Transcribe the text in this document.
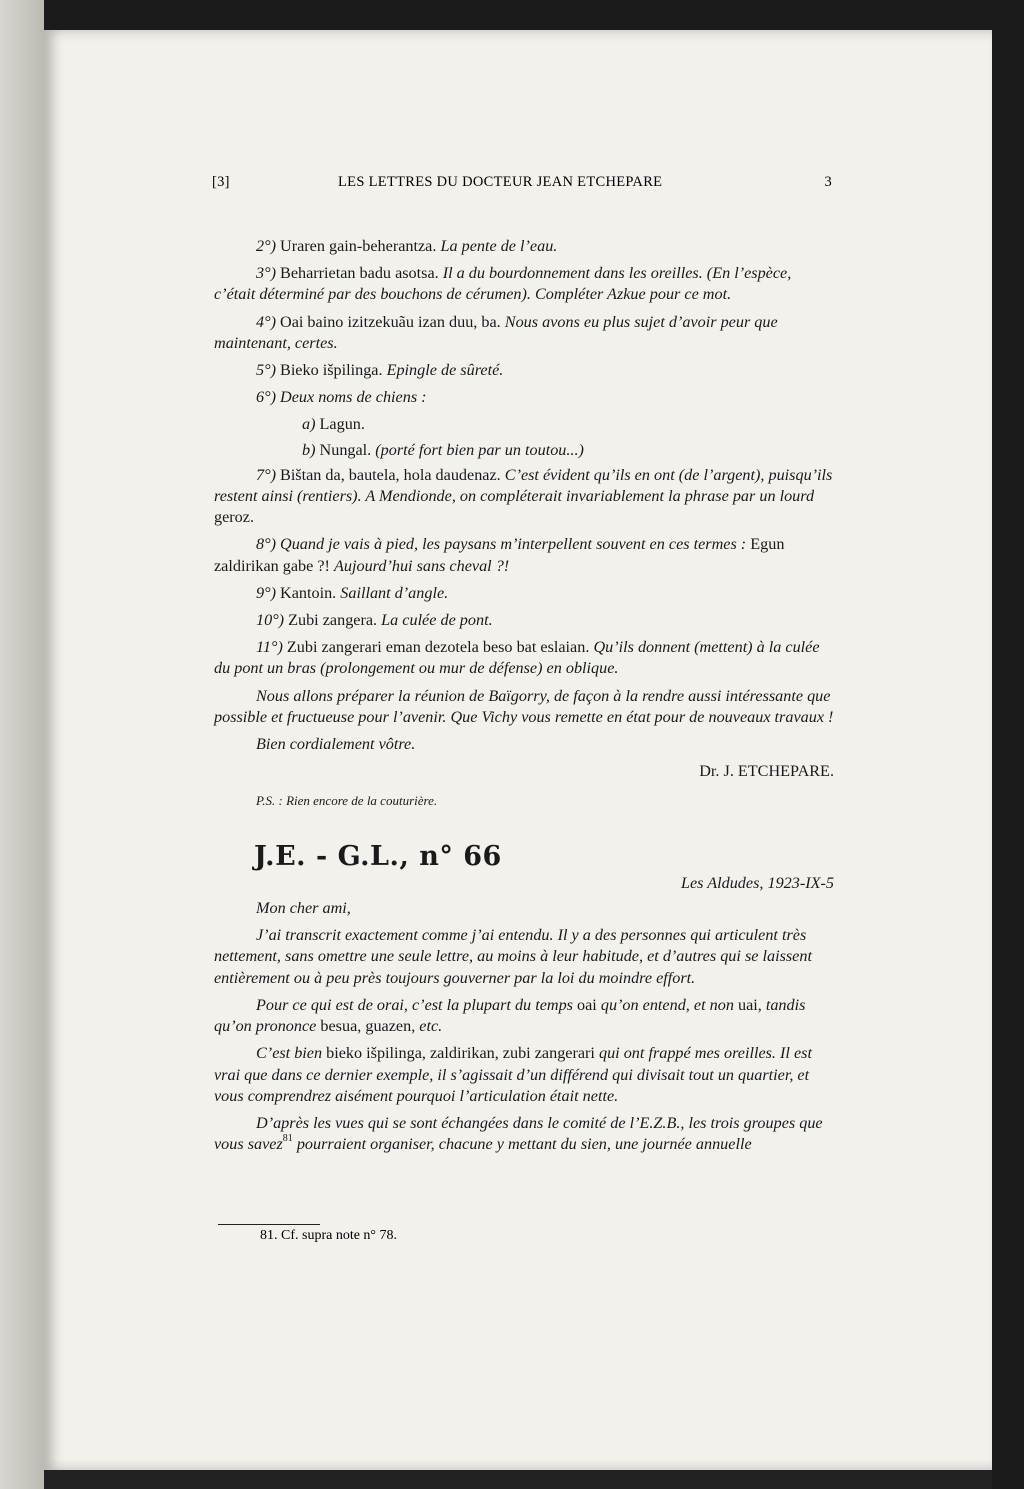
[3]	LES LETTRES DU DOCTEUR JEAN ETCHEPARE	3

2°) Uraren gain-beherantza. La pente de l’eau.

3°) Beharrietan badu asotsa. Il a du bourdonnement dans les oreilles. (En l’espèce, c’était déterminé par des bouchons de cérumen). Compléter Azkue pour ce mot.

4°) Oai baino izitzekuãu izan duu, ba. Nous avons eu plus sujet d’avoir peur que maintenant, certes.

5°) Bieko išpilinga. Epingle de sûreté.

6°) Deux noms de chiens :

a) Lagun.

b) Nungal. (porté fort bien par un toutou...)

7°) Bištan da, bautela, hola daudenaz. C’est évident qu’ils en ont (de l’argent), puisqu’ils restent ainsi (rentiers). A Mendionde, on compléterait invariablement la phrase par un lourd geroz.

8°) Quand je vais à pied, les paysans m’interpellent souvent en ces termes : Egun zaldirikan gabe ?! Aujourd’hui sans cheval ?!

9°) Kantoin. Saillant d’angle.

10°) Zubi zangera. La culée de pont.

11°) Zubi zangerari eman dezotela beso bat eslaian. Qu’ils donnent (mettent) à la culée du pont un bras (prolongement ou mur de défense) en oblique.

Nous allons préparer la réunion de Baïgorry, de façon à la rendre aussi intéressante que possible et fructueuse pour l’avenir. Que Vichy vous remette en état pour de nouveaux travaux !

Bien cordialement vôtre.

Dr. J. ETCHEPARE.

P.S. : Rien encore de la couturière.

J.E. - G.L., n° 66

Les Aldudes, 1923-IX-5

Mon cher ami,

J’ai transcrit exactement comme j’ai entendu. Il y a des personnes qui articulent très nettement, sans omettre une seule lettre, au moins à leur habitude, et d’autres qui se laissent entièrement ou à peu près toujours gouverner par la loi du moindre effort.

Pour ce qui est de orai, c’est la plupart du temps oai qu’on entend, et non uai, tandis qu’on prononce besua, guazen, etc.

C’est bien bieko išpilinga, zaldirikan, zubi zangerari qui ont frappé mes oreilles. Il est vrai que dans ce dernier exemple, il s’agissait d’un différend qui divisait tout un quartier, et vous comprendrez aisément pourquoi l’articulation était nette.

D’après les vues qui se sont échangées dans le comité de l’E.Z.B., les trois groupes que vous savez$^{81}$ pourraient organiser, chacune y mettant du sien, une journée annuelle

81. Cf. supra note n° 78.
